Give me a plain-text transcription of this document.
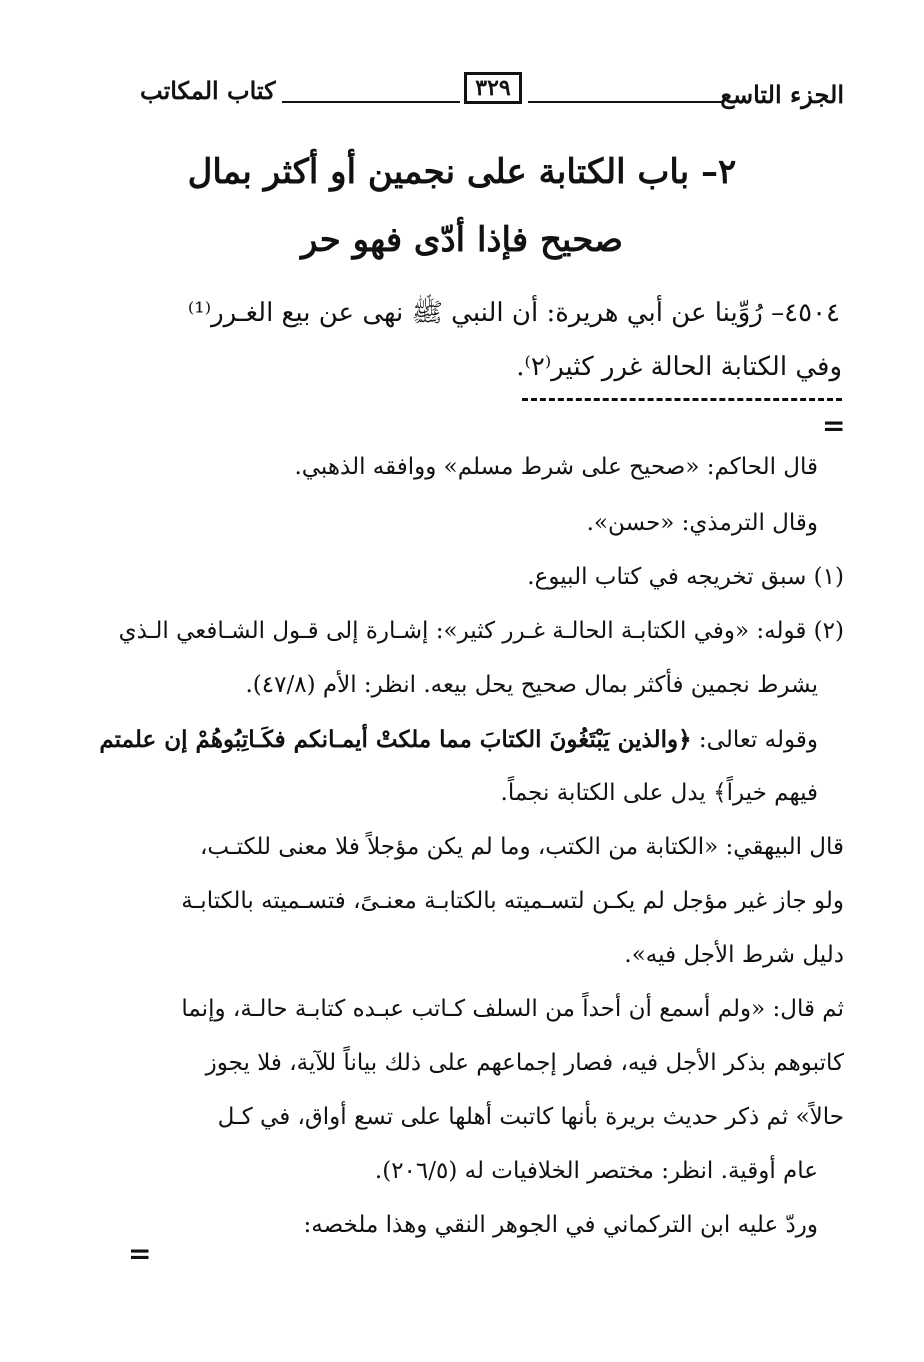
الجزء التاسع
٣٢٩
كتاب المكاتب
٢– باب الكتابة على نجمين أو أكثر بمال
صحيح فإذا أدّى فهو حر
٤٥٠٤– رُوِّينا عن أبي هريرة: أن النبي ﷺ نهى عن بيع الغـرر⁽¹⁾
وفي الكتابة الحالة غرر كثير⁽٢⁾.
=
قال الحاكم: «صحيح على شرط مسلم» ووافقه الذهبي.
وقال الترمذي: «حسن».
(١) سبق تخريجه في كتاب البيوع.
(٢) قوله: «وفي الكتابـة الحالـة غـرر كثير»: إشـارة إلى قـول الشـافعي الـذي
يشرط نجمين فأكثر بمال صحيح يحل بيعه. انظر: الأم (٤٧/٨).
وقوله تعالى: ﴿والذين يَبْتَغُونَ الكتابَ مما ملكتْ أيمـانكم فكَـاتِبُوهُمْ إن علمتم
فيهم خيراً﴾ يدل على الكتابة نجماً.
قال البيهقي: «الكتابة من الكتب، وما لم يكن مؤجلاً فلا معنى للكتـب،
ولو جاز غير مؤجل لم يكـن لتسـميته بالكتابـة معنـىً، فتسـميته بالكتابـة
دليل شرط الأجل فيه».
ثم قال: «ولم أسمع أن أحداً من السلف كـاتب عبـده كتابـة حالـة، وإنما
كاتبوهم بذكر الأجل فيه، فصار إجماعهم على ذلك بياناً للآية، فلا يجوز
حالاً» ثم ذكر حديث بريرة بأنها كاتبت أهلها على تسع أواق، في كـل
عام أوقية. انظر: مختصر الخلافيات له (٢٠٦/٥).
وردّ عليه ابن التركماني في الجوهر النقي وهذا ملخصه:
=
